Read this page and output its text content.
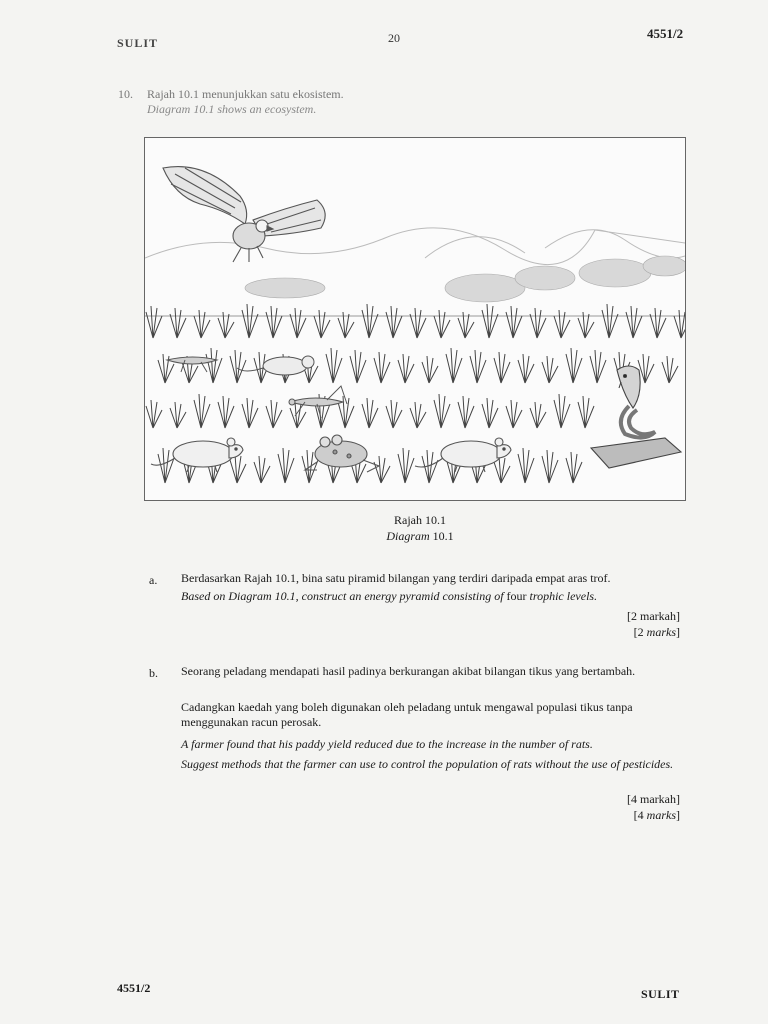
SULIT	20	4551/2
10. Rajah 10.1 menunjukkan satu ekosistem.
Diagram 10.1 shows an ecosystem.
Rajah 10.1
Diagram 10.1
a. Berdasarkan Rajah 10.1, bina satu piramid bilangan yang terdiri daripada empat aras trof.
Based on Diagram 10.1, construct an energy pyramid consisting of four trophic levels.
[2 markah]
[2 marks]
b. Seorang peladang mendapati hasil padinya berkurangan akibat bilangan tikus yang bertambah.
Cadangkan kaedah yang boleh digunakan oleh peladang untuk mengawal populasi tikus tanpa menggunakan racun perosak.
A farmer found that his paddy yield reduced due to the increase in the number of rats.
Suggest methods that the farmer can use to control the population of rats without the use of pesticides.
[4 markah]
[4 marks]
4551/2	SULIT
